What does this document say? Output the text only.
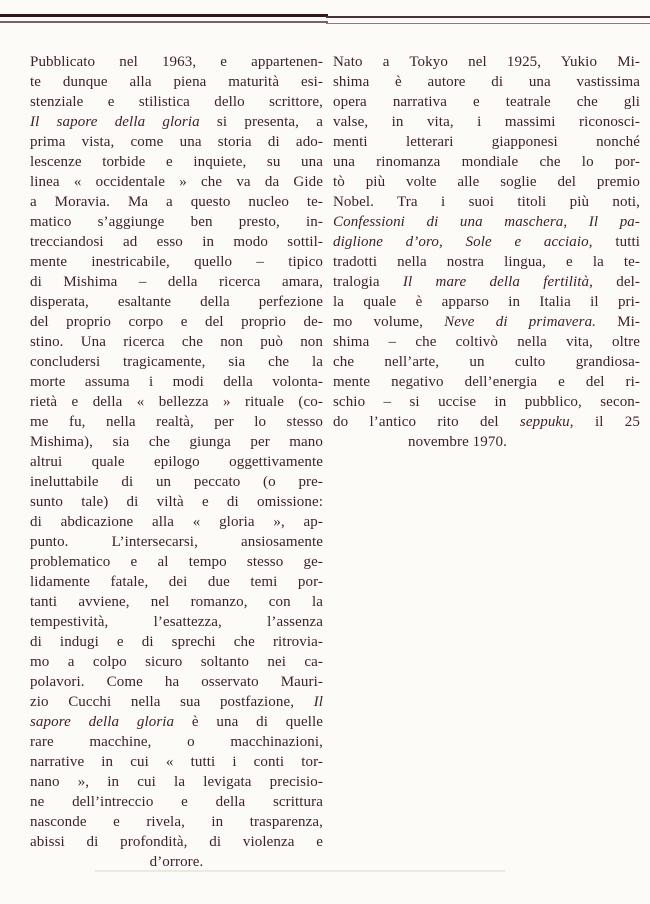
Pubblicato nel 1963, e appartenen-
te dunque alla piena maturità esi-
stenziale e stilistica dello scrittore,
Il sapore della gloria si presenta, a
prima vista, come una storia di ado-
lescenze torbide e inquiete, su una
linea « occidentale » che va da Gide
a Moravia. Ma a questo nucleo te-
matico s’aggiunge ben presto, in-
trecciandosi ad esso in modo sottil-
mente inestricabile, quello – tipico
di Mishima – della ricerca amara,
disperata, esaltante della perfezione
del proprio corpo e del proprio de-
stino. Una ricerca che non può non
concludersi tragicamente, sia che la
morte assuma i modi della volonta-
rietà e della « bellezza » rituale (co-
me fu, nella realtà, per lo stesso
Mishima), sia che giunga per mano
altrui quale epilogo oggettivamente
ineluttabile di un peccato (o pre-
sunto tale) di viltà e di omissione:
di abdicazione alla « gloria », ap-
punto. L’intersecarsi, ansiosamente
problematico e al tempo stesso ge-
lidamente fatale, dei due temi por-
tanti avviene, nel romanzo, con la
tempestività, l’esattezza, l’assenza
di indugi e di sprechi che ritrovia-
mo a colpo sicuro soltanto nei ca-
polavori. Come ha osservato Mauri-
zio Cucchi nella sua postfazione, Il
sapore della gloria è una di quelle
rare macchine, o macchinazioni,
narrative in cui « tutti i conti tor-
nano », in cui la levigata precisio-
ne dell’intreccio e della scrittura
nasconde e rivela, in trasparenza,
abissi di profondità, di violenza e
d’orrore.
Nato a Tokyo nel 1925, Yukio Mi-
shima è autore di una vastissima
opera narrativa e teatrale che gli
valse, in vita, i massimi riconosci-
menti letterari giapponesi nonché
una rinomanza mondiale che lo por-
tò più volte alle soglie del premio
Nobel. Tra i suoi titoli più noti,
Confessioni di una maschera, Il pa-
diglione d’oro, Sole e acciaio, tutti
tradotti nella nostra lingua, e la te-
tralogia Il mare della fertilità, del-
la quale è apparso in Italia il pri-
mo volume, Neve di primavera. Mi-
shima – che coltivò nella vita, oltre
che nell’arte, un culto grandiosa-
mente negativo dell’energia e del ri-
schio – si uccise in pubblico, secon-
do l’antico rito del seppuku, il 25
novembre 1970.
